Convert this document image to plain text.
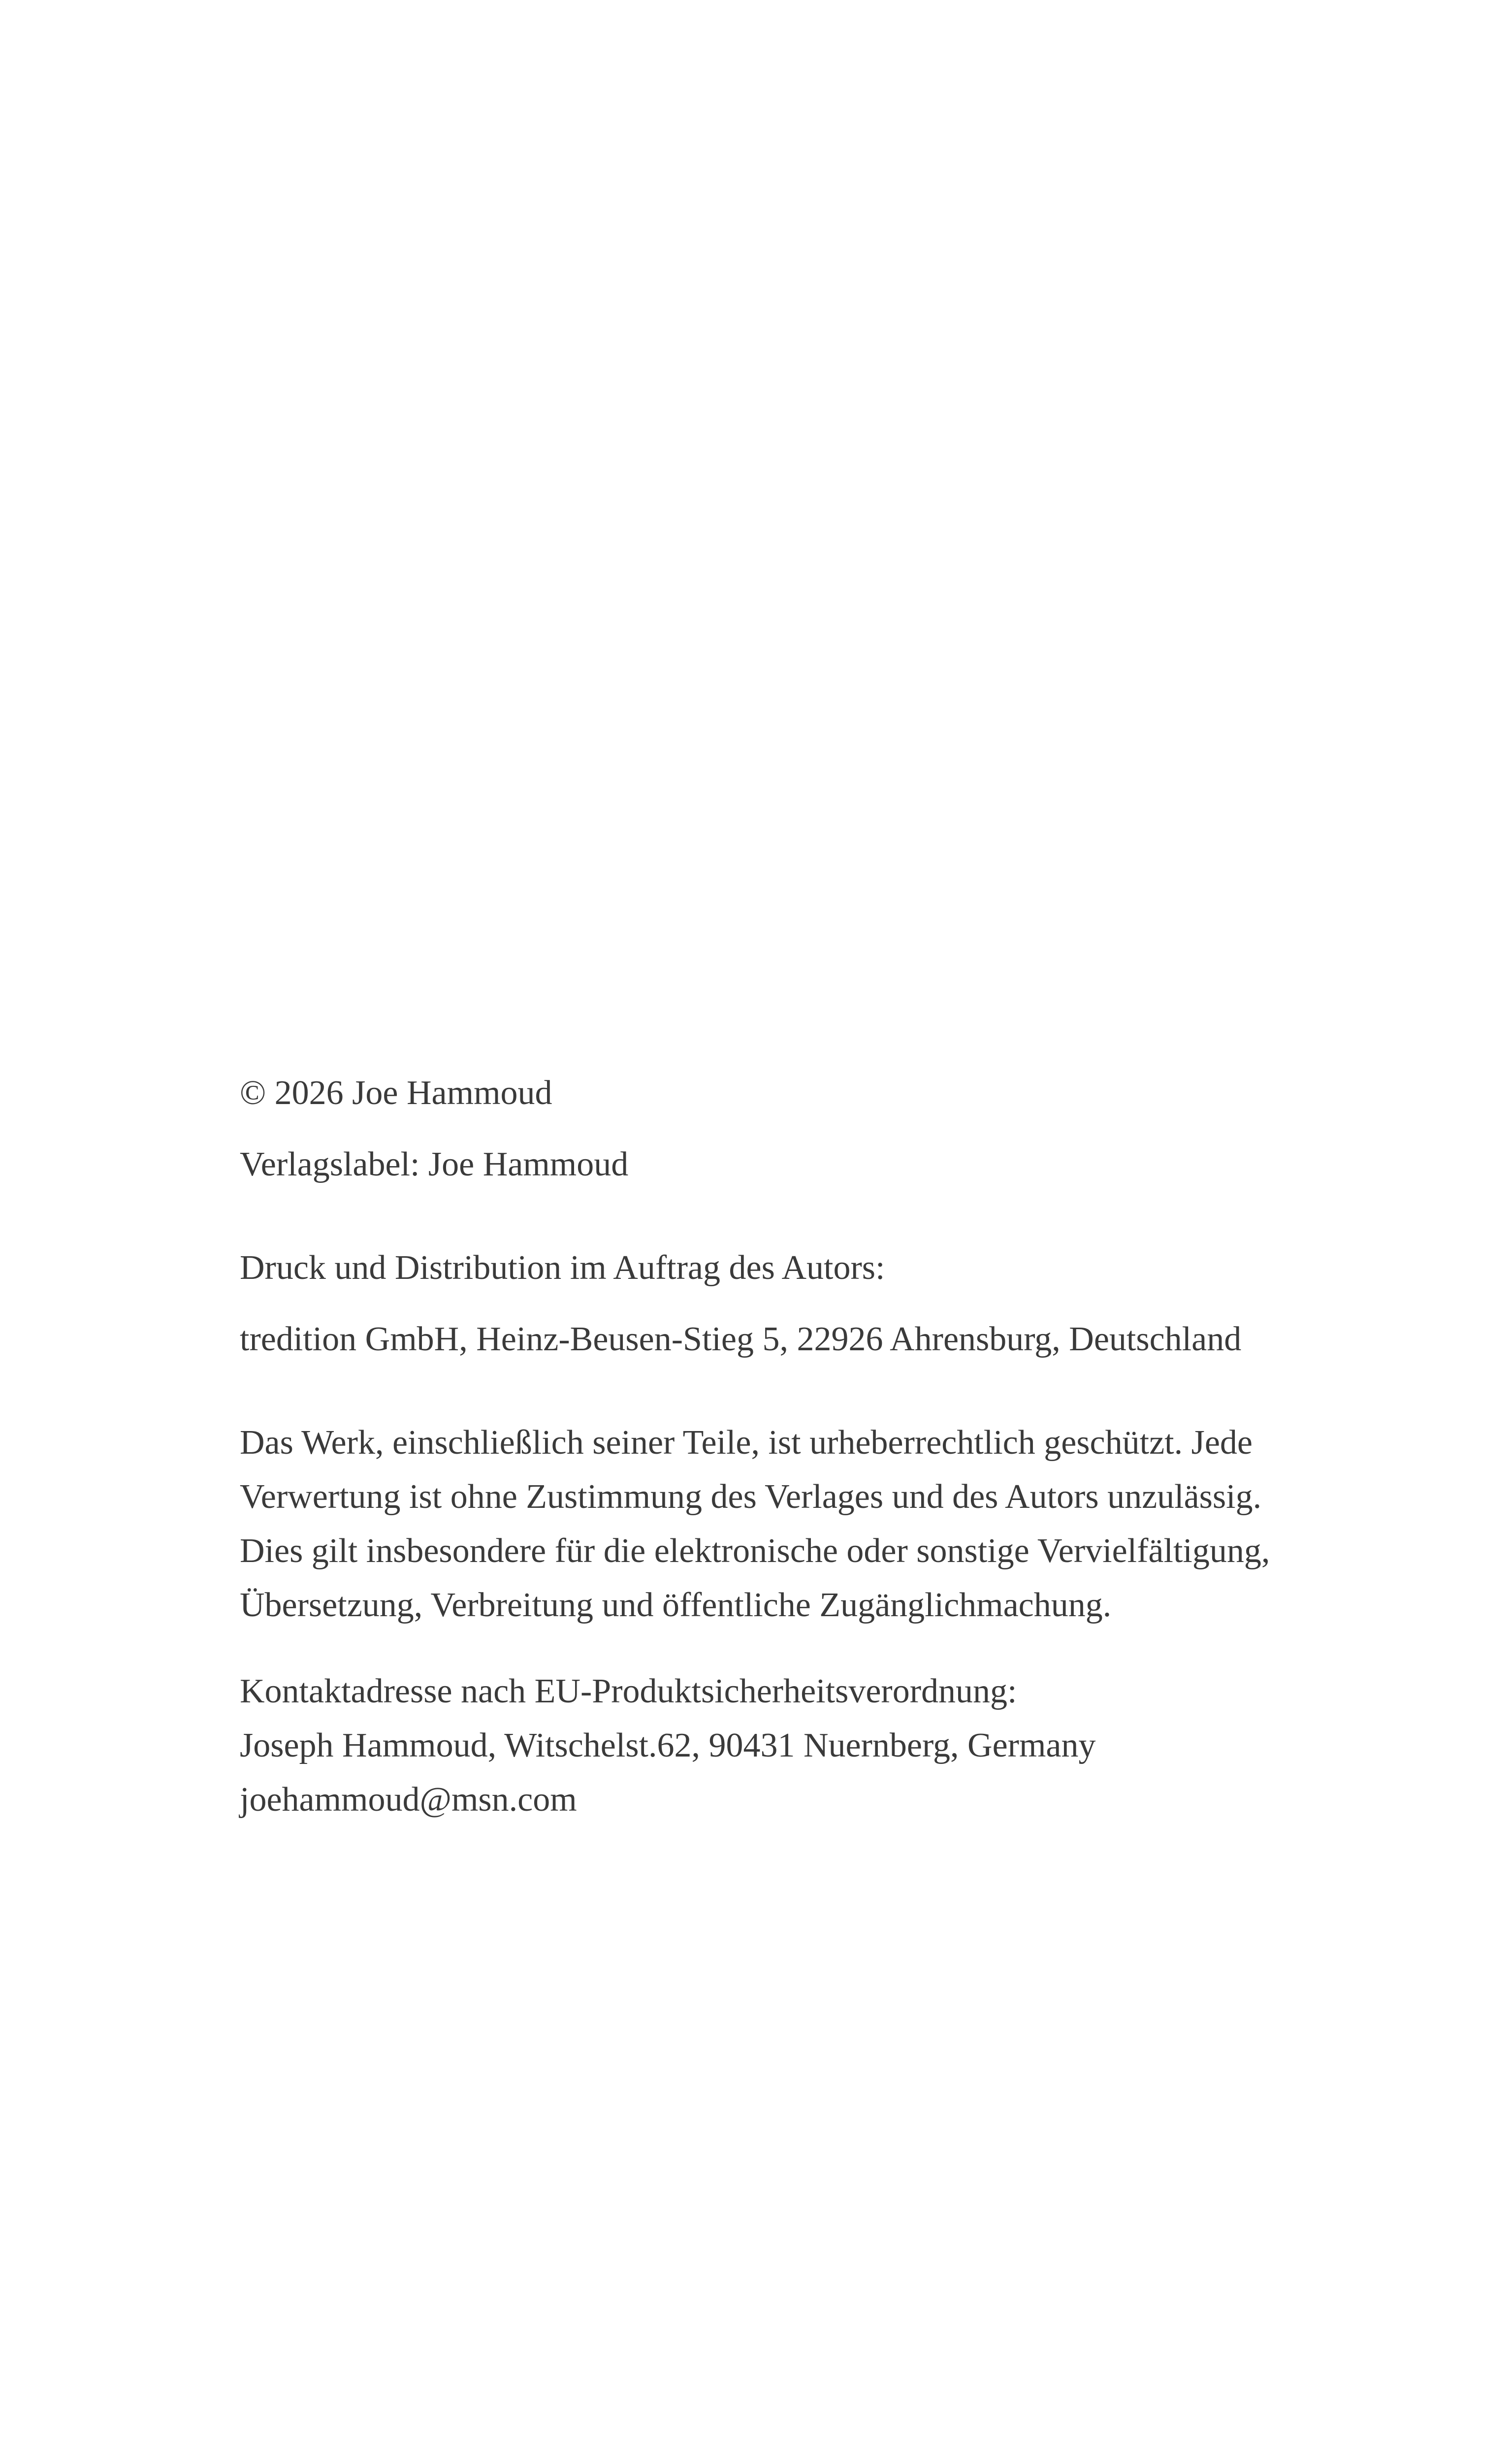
© 2026 Joe Hammoud

Verlagslabel: Joe Hammoud

Druck und Distribution im Auftrag des Autors:

tredition GmbH, Heinz-Beusen-Stieg 5, 22926 Ahrensburg, Deutschland

Das Werk, einschließlich seiner Teile, ist urheberrechtlich geschützt. Jede

Verwertung ist ohne Zustimmung des Verlages und des Autors unzulässig.

Dies gilt insbesondere für die elektronische oder sonstige Vervielfältigung,

Übersetzung, Verbreitung und öffentliche Zugänglichmachung.

Kontaktadresse nach EU-Produktsicherheitsverordnung:

Joseph Hammoud, Witschelst.62, 90431 Nuernberg, Germany

joehammoud@msn.com
